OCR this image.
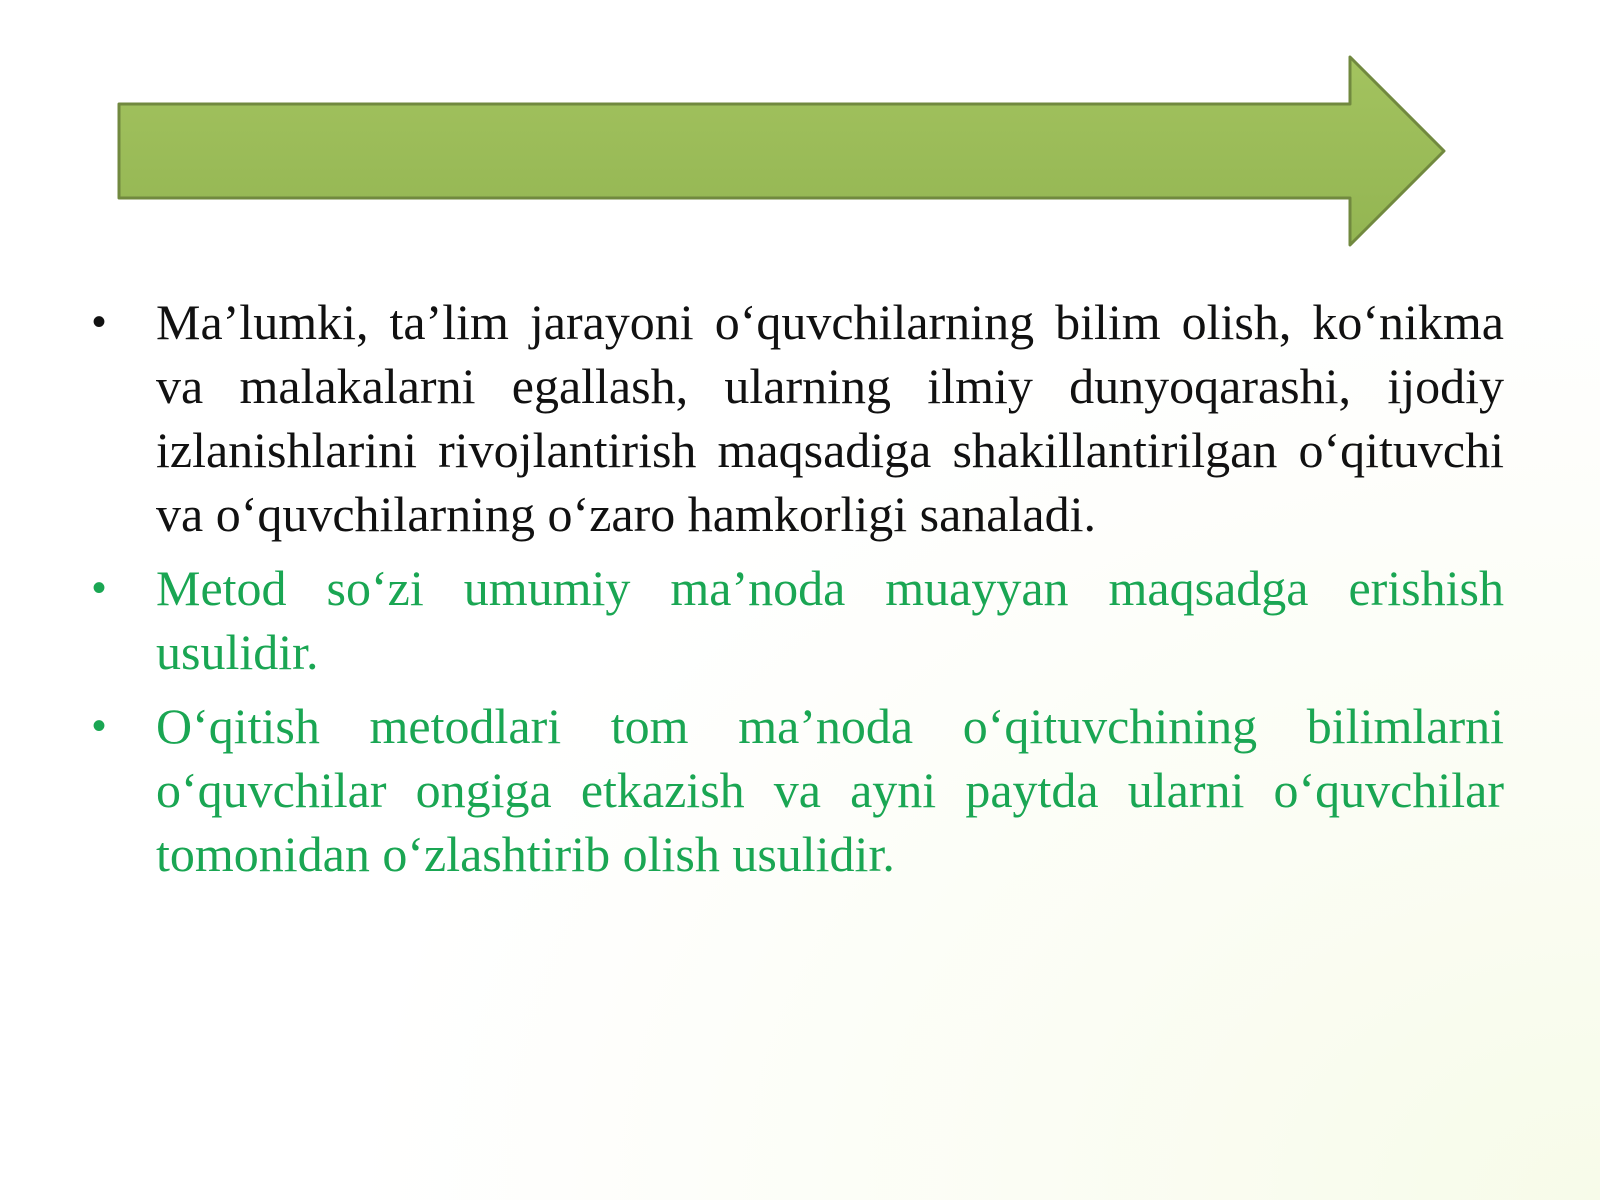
• Ma’lumki, ta’lim jarayoni o‘quvchilarning bilim olish, ko‘nikma va malakalarni egallash, ularning ilmiy dunyoqarashi, ijodiy izlanishlarini rivojlantirish maqsadiga shakillantirilgan o‘qituvchi va o‘quvchilarning o‘zaro hamkorligi sanaladi.
• Metod so‘zi umumiy ma’noda muayyan maqsadga erishish usulidir.
• O‘qitish metodlari tom ma’noda o‘qituvchining bilimlarni o‘quvchilar ongiga etkazish va ayni paytda ularni o‘quvchilar tomonidan o‘zlashtirib olish usulidir.
